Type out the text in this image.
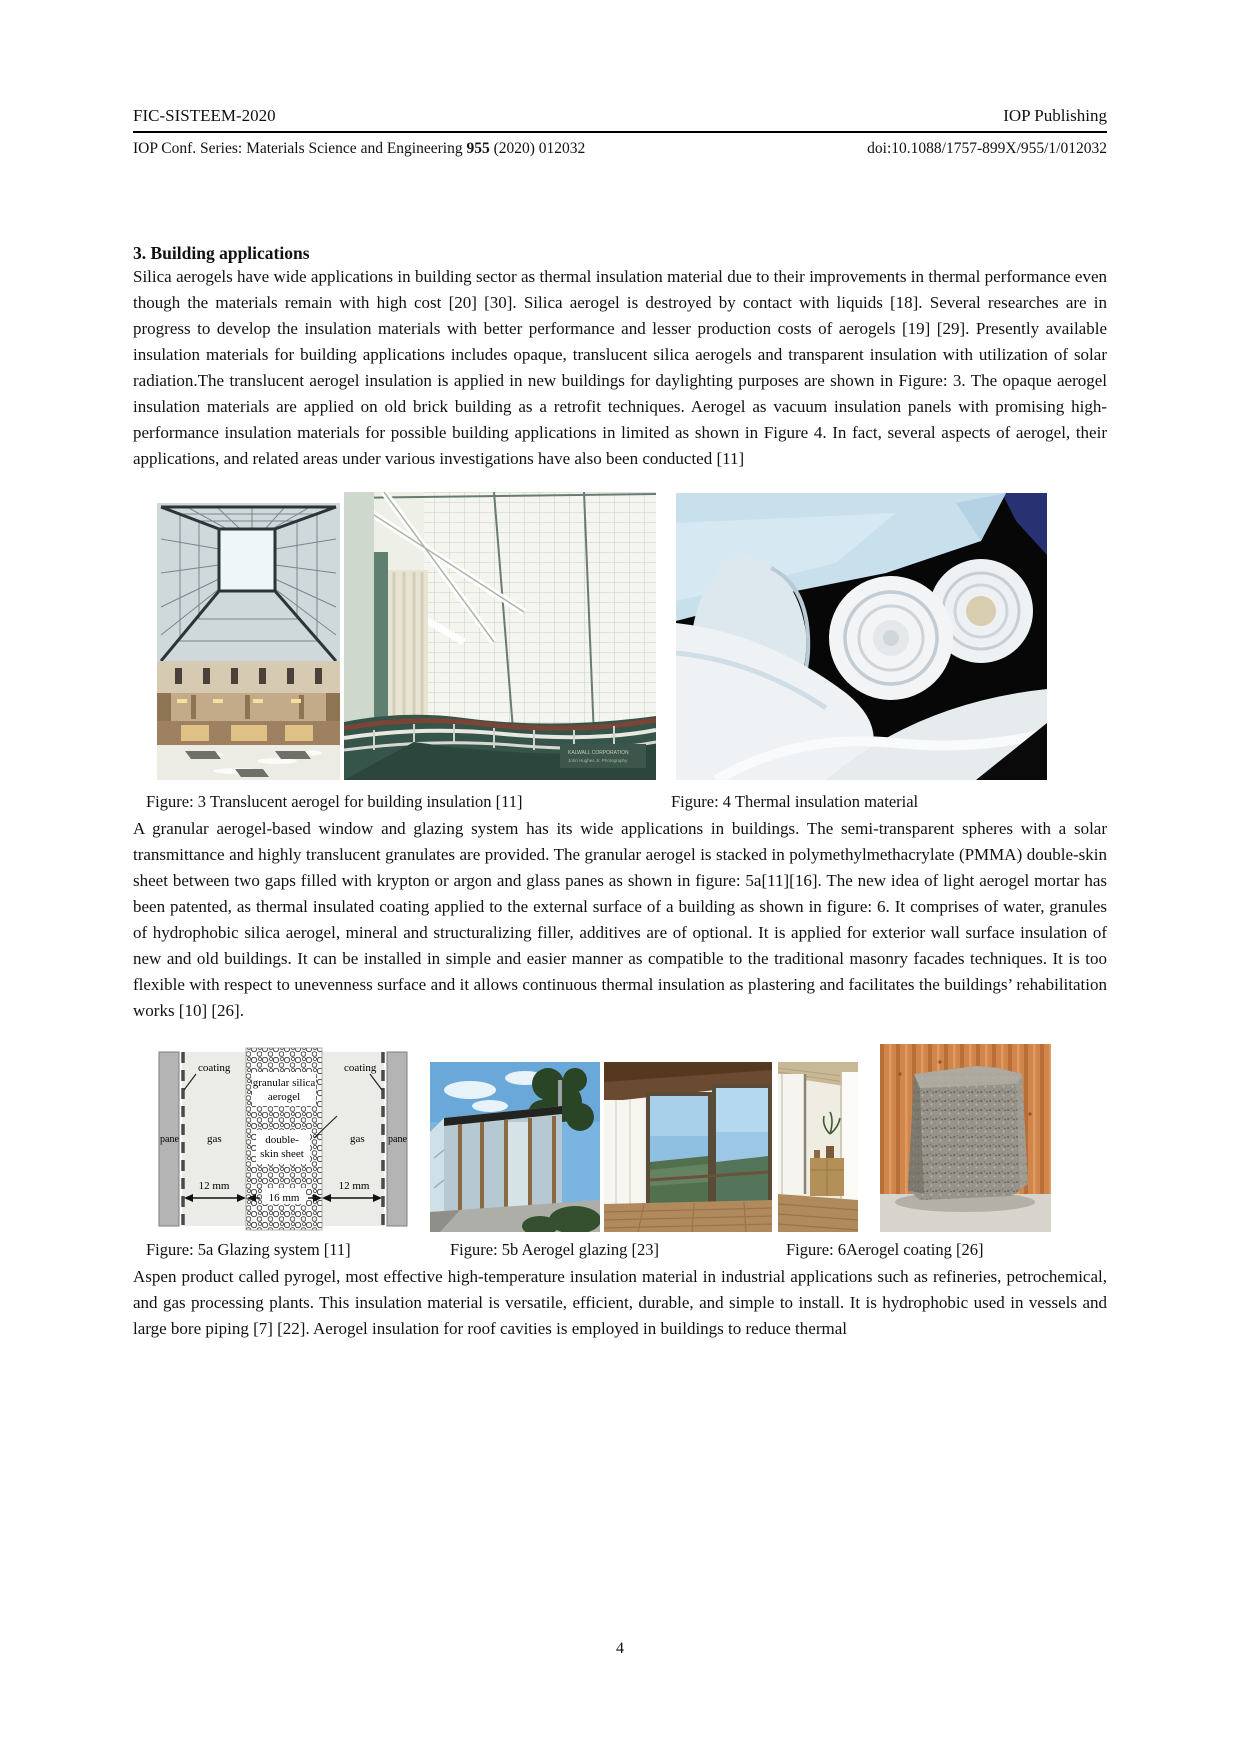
FIC-SISTEEM-2020	IOP Publishing
IOP Conf. Series: Materials Science and Engineering 955 (2020) 012032	doi:10.1088/1757-899X/955/1/012032
3. Building applications

Silica aerogels have wide applications in building sector as thermal insulation material due to their improvements in thermal performance even though the materials remain with high cost [20] [30]. Silica aerogel is destroyed by contact with liquids [18]. Several researches are in progress to develop the insulation materials with better performance and lesser production costs of aerogels [19] [29]. Presently available insulation materials for building applications includes opaque, translucent silica aerogels and transparent insulation with utilization of solar radiation.The translucent aerogel insulation is applied in new buildings for daylighting purposes are shown in Figure: 3. The opaque aerogel insulation materials are applied on old brick building as a retrofit techniques. Aerogel as vacuum insulation panels with promising high-performance insulation materials for possible building applications in limited as shown in Figure 4. In fact, several aspects of aerogel, their applications, and related areas under various investigations have also been conducted [11]

KALWALL CORPORATION
John Hughes Jr. Photography
Figure: 3 Translucent aerogel for building insulation [11]	Figure: 4 Thermal insulation material

A granular aerogel-based window and glazing system has its wide applications in buildings. The semi-transparent spheres with a solar transmittance and highly translucent granulates are provided. The granular aerogel is stacked in polymethylmethacrylate (PMMA) double-skin sheet between two gaps filled with krypton or argon and glass panes as shown in figure: 5a[11][16]. The new idea of light aerogel mortar has been patented, as thermal insulated coating applied to the external surface of a building as shown in figure: 6. It comprises of water, granules of hydrophobic silica aerogel, mineral and structuralizing filler, additives are of optional. It is applied for exterior wall surface insulation of new and old buildings. It can be installed in simple and easier manner as compatible to the traditional masonry facades techniques. It is too flexible with respect to unevenness surface and it allows continuous thermal insulation as plastering and facilitates the buildings’ rehabilitation works [10] [26].

granular silica
aerogel
double-
skin sheet
coating	coating
pane	pane
gas	gas
12 mm
16 mm
12 mm
Figure: 5a Glazing system [11]	Figure: 5b Aerogel glazing [23]	Figure: 6Aerogel coating [26]

Aspen product called pyrogel, most effective high-temperature insulation material in industrial applications such as refineries, petrochemical, and gas processing plants. This insulation material is versatile, efficient, durable, and simple to install. It is hydrophobic used in vessels and large bore piping [7] [22]. Aerogel insulation for roof cavities is employed in buildings to reduce thermal

4
